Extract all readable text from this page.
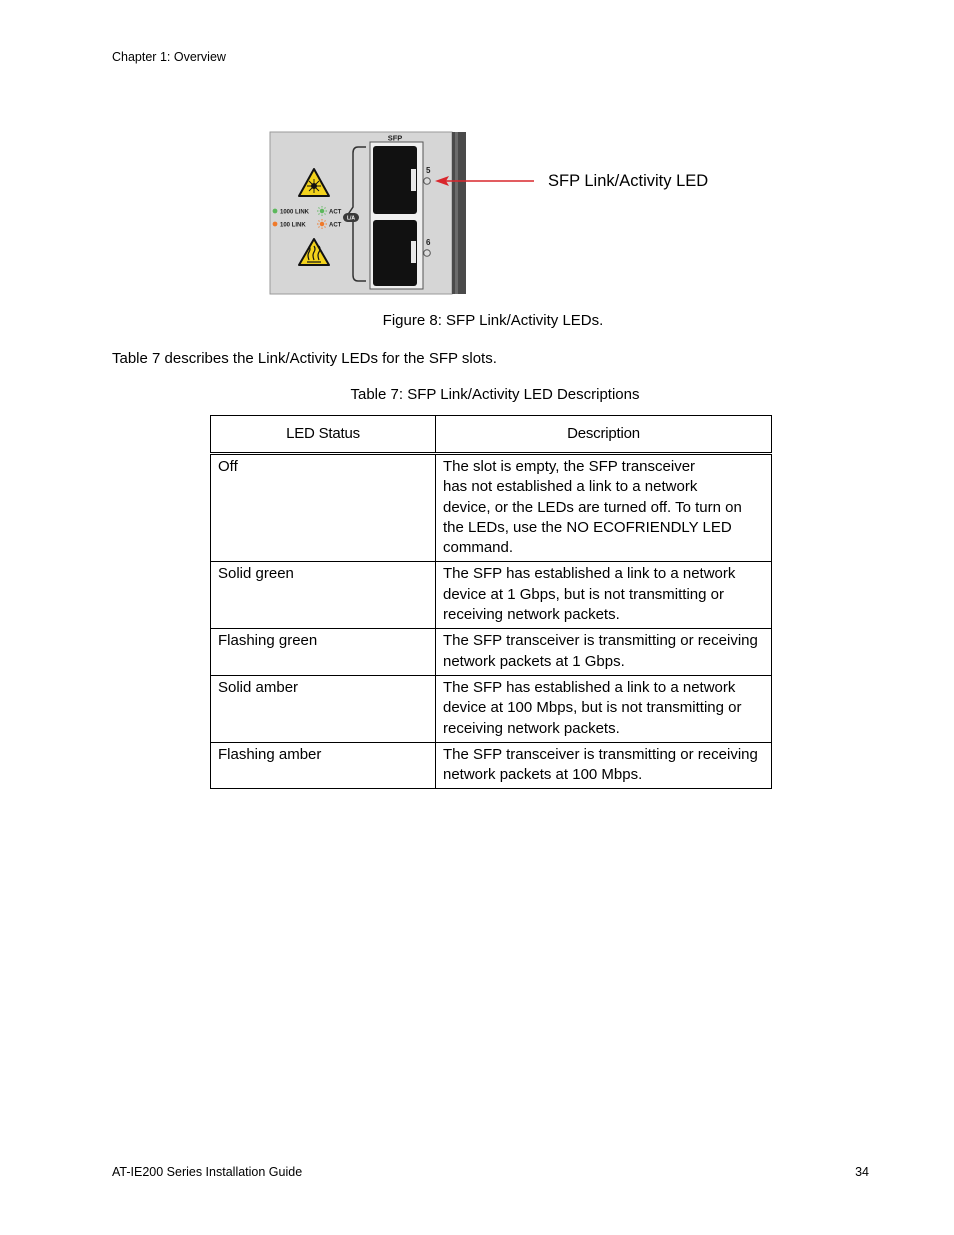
Chapter 1: Overview
SFP
5
6
1000 LINK	ACT
100 LINK	ACT
L/A
SFP Link/Activity LED
Figure 8: SFP Link/Activity LEDs.
Table 7 describes the Link/Activity LEDs for the SFP slots.
Table 7: SFP Link/Activity LED Descriptions
LED Status	Description
Off	The slot is empty, the SFP transceiver
has not established a link to a network
device, or the LEDs are turned off. To turn on
the LEDs, use the NO ECOFRIENDLY LED
command.

Solid green	The SFP has established a link to a network
device at 1 Gbps, but is not transmitting or
receiving network packets.

Flashing green	The SFP transceiver is transmitting or receiving
network packets at 1 Gbps.

Solid amber	The SFP has established a link to a network
device at 100 Mbps, but is not transmitting or
receiving network packets.

Flashing amber	The SFP transceiver is transmitting or receiving
network packets at 100 Mbps.
AT-IE200 Series Installation Guide	34
